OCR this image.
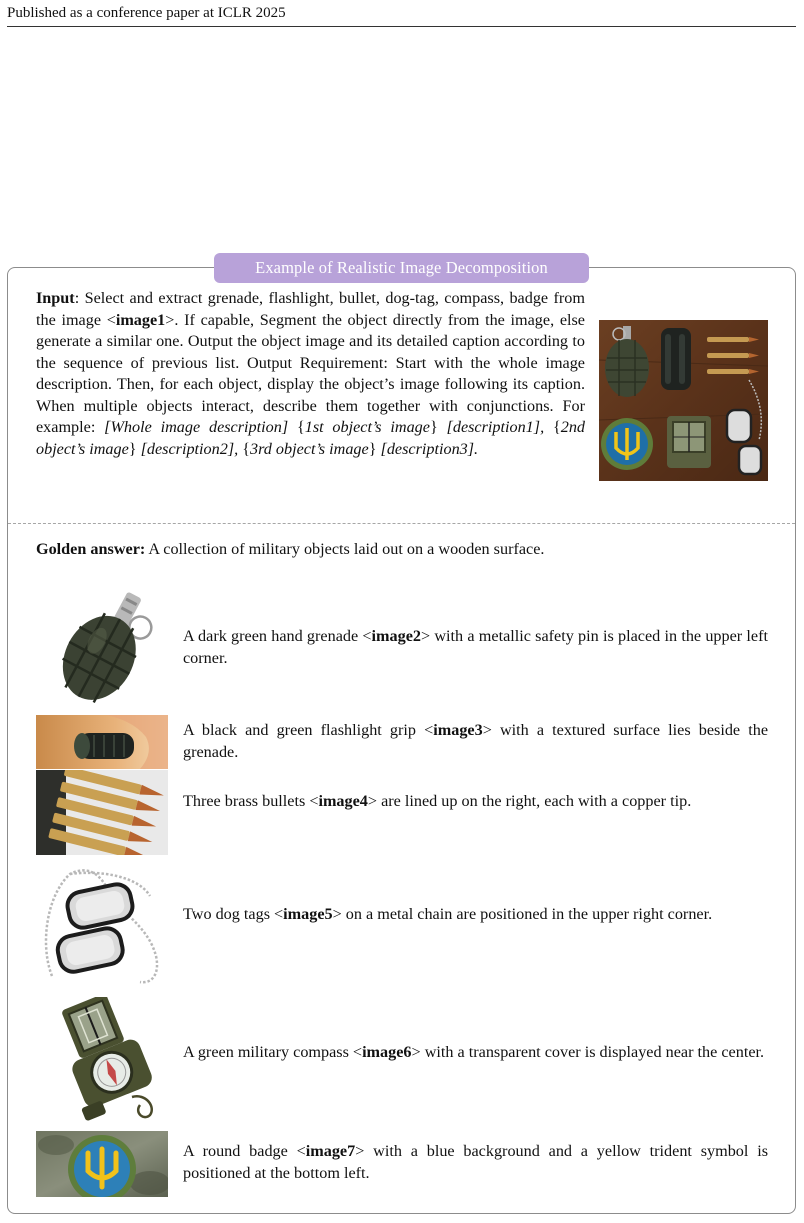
Published as a conference paper at ICLR 2025
Example of Realistic Image Decomposition
Input: Select and extract grenade, flashlight, bullet, dog-tag, compass, badge from the image <image1>. If capable, Segment the object directly from the image, else generate a similar one. Output the object image and its detailed caption according to the sequence of previous list. Output Requirement: Start with the whole image description. Then, for each object, display the object’s image following its caption. When multiple objects interact, describe them together with conjunctions. For example: [Whole image description] {1st object’s image} [description1], {2nd object’s image} [description2], {3rd object’s image} [description3].
Golden answer: A collection of military objects laid out on a wooden surface.
A dark green hand grenade <image2> with a metallic safety pin is placed in the upper left corner.
A black and green flashlight grip <image3> with a textured surface lies beside the grenade.
Three brass bullets <image4> are lined up on the right, each with a copper tip.
Two dog tags <image5> on a metal chain are positioned in the upper right corner.
A green military compass <image6> with a transparent cover is displayed near the center.
A round badge <image7> with a blue background and a yellow trident symbol is positioned at the bottom left.
